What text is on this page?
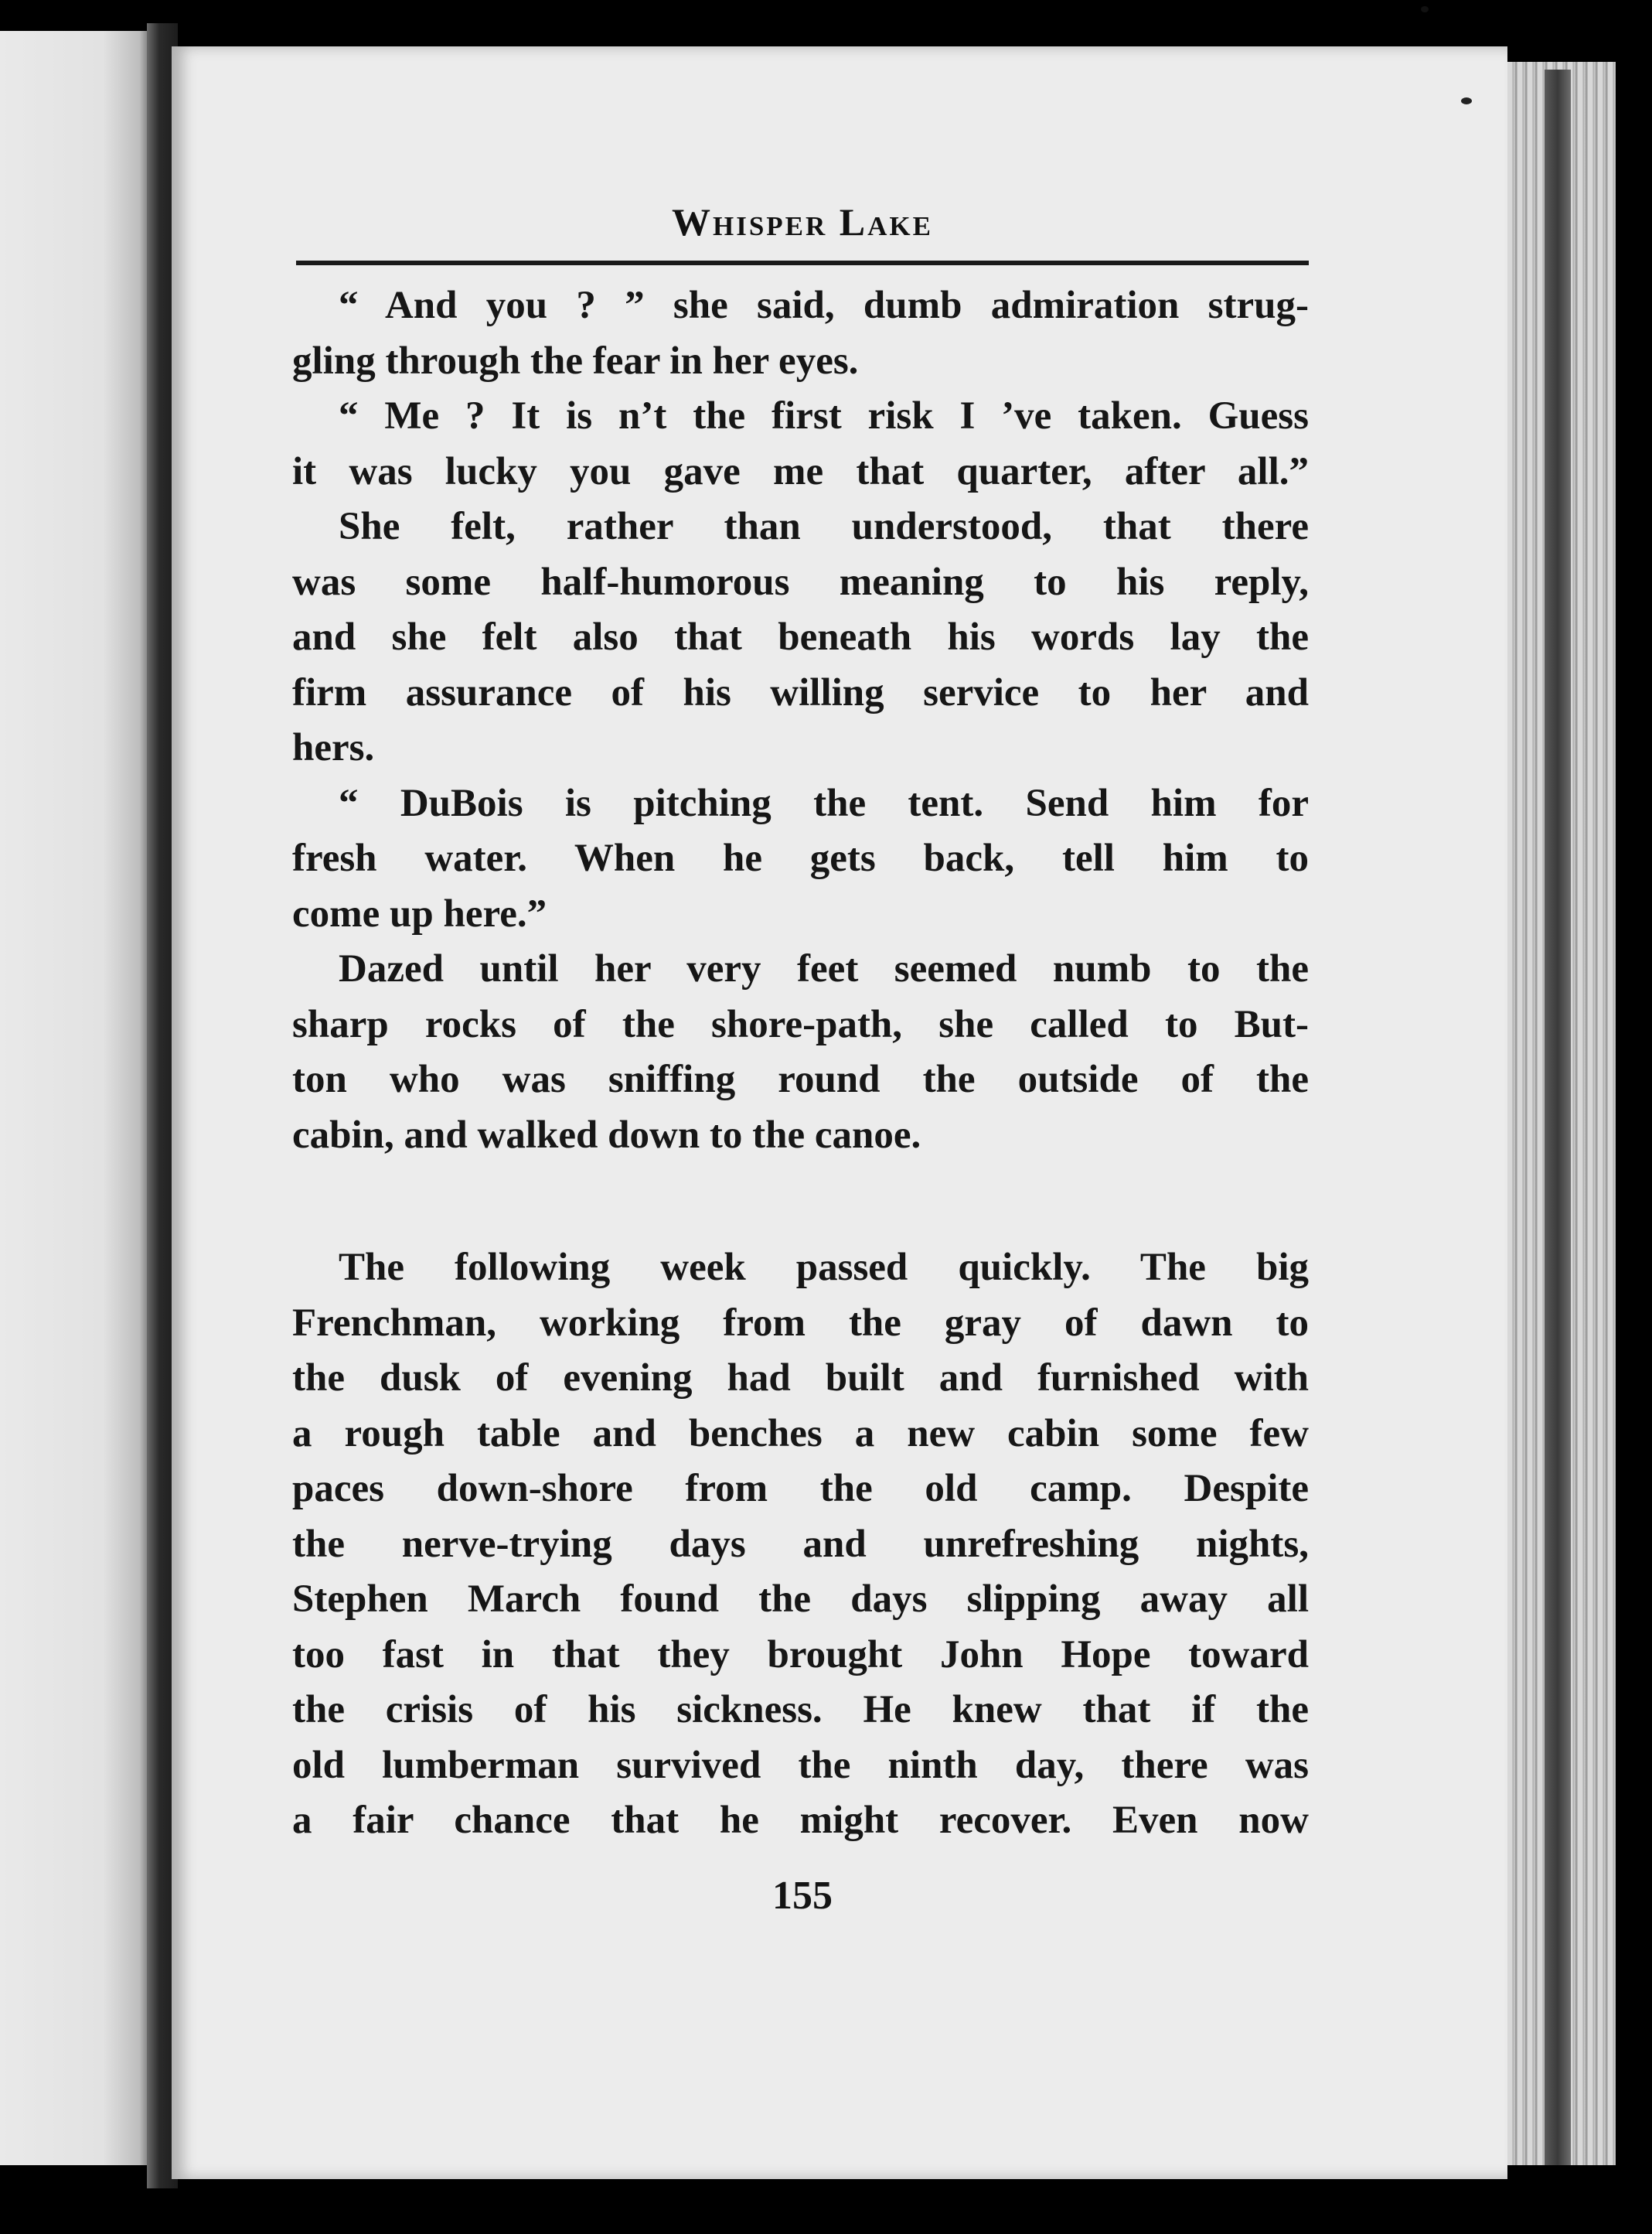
Whisper Lake
“ And you ? ” she said, dumb admiration strug-
gling through the fear in her eyes.
“ Me ? It is n’t the first risk I ’ve taken. Guess
it was lucky you gave me that quarter, after all.”
She felt, rather than understood, that there
was some half-humorous meaning to his reply,
and she felt also that beneath his words lay the
firm assurance of his willing service to her and
hers.
“ DuBois is pitching the tent. Send him for
fresh water. When he gets back, tell him to
come up here.”
Dazed until her very feet seemed numb to the
sharp rocks of the shore-path, she called to But-
ton who was sniffing round the outside of the
cabin, and walked down to the canoe.
The following week passed quickly. The big
Frenchman, working from the gray of dawn to
the dusk of evening had built and furnished with
a rough table and benches a new cabin some few
paces down-shore from the old camp. Despite
the nerve-trying days and unrefreshing nights,
Stephen March found the days slipping away all
too fast in that they brought John Hope toward
the crisis of his sickness. He knew that if the
old lumberman survived the ninth day, there was
a fair chance that he might recover. Even now
155
